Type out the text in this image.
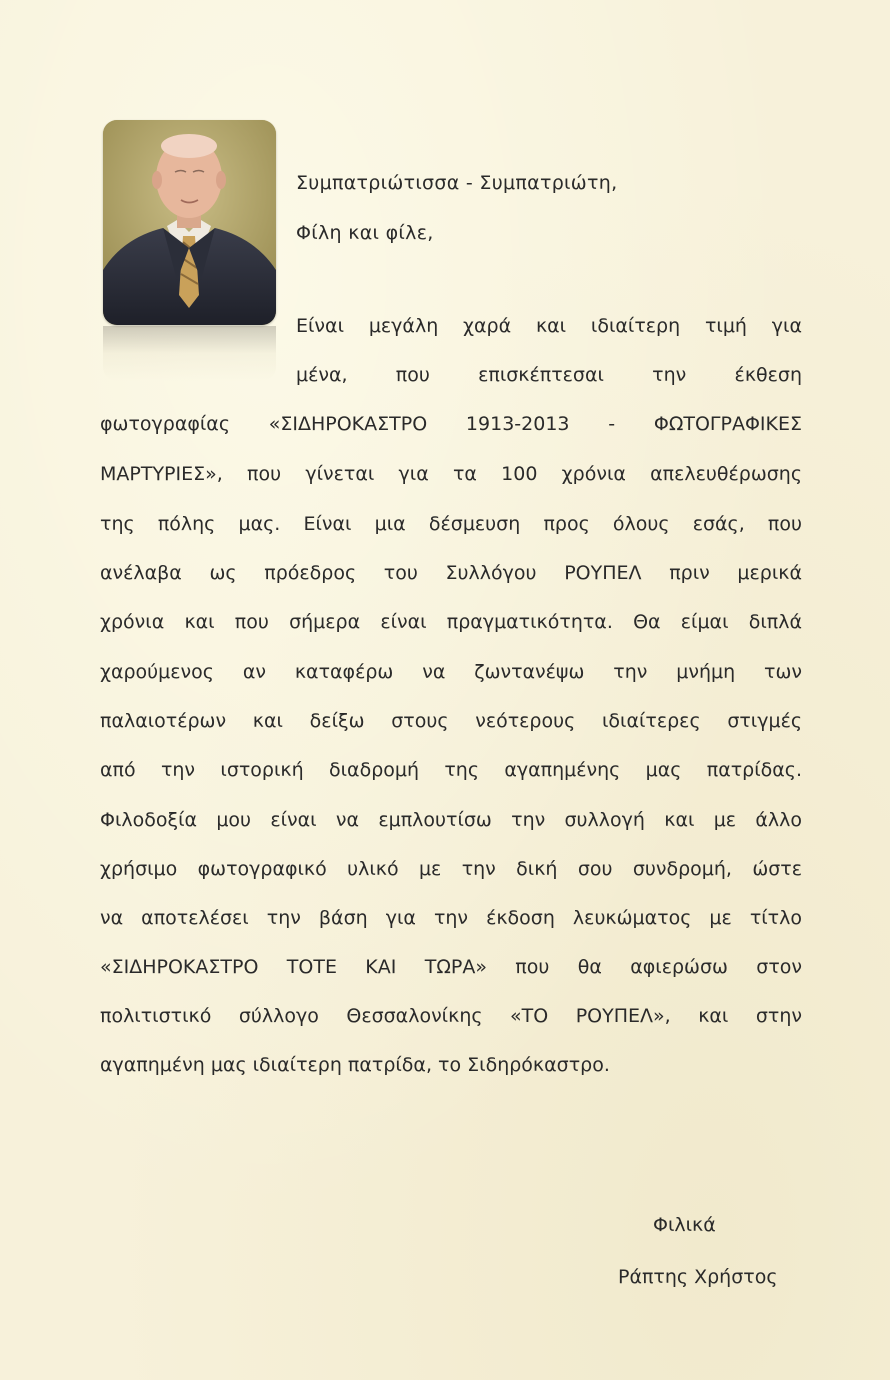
Συμπατριώτισσα - Συμπατριώτη,
Φίλη και φίλε,
Είναι μεγάλη χαρά και ιδιαίτερη τιμή για
μένα, που επισκέπτεσαι την έκθεση
φωτογραφίας «ΣΙΔΗΡΟΚΑΣΤΡΟ 1913-2013 - ΦΩΤΟΓΡΑΦΙΚΕΣ
ΜΑΡΤΥΡΙΕΣ», που γίνεται για τα 100 χρόνια απελευθέρωσης
της πόλης μας. Είναι μια δέσμευση προς όλους εσάς, που
ανέλαβα ως πρόεδρος του Συλλόγου ΡΟΥΠΕΛ πριν μερικά
χρόνια και που σήμερα είναι πραγματικότητα. Θα είμαι διπλά
χαρούμενος αν καταφέρω να ζωντανέψω την μνήμη των
παλαιοτέρων και δείξω στους νεότερους ιδιαίτερες στιγμές
από την ιστορική διαδρομή της αγαπημένης μας πατρίδας.
Φιλοδοξία μου είναι να εμπλουτίσω την συλλογή και με άλλο
χρήσιμο φωτογραφικό υλικό με την δική σου συνδρομή, ώστε
να αποτελέσει την βάση για την έκδοση λευκώματος με τίτλο
«ΣΙΔΗΡΟΚΑΣΤΡΟ ΤΟΤΕ ΚΑΙ ΤΩΡΑ» που θα αφιερώσω στον
πολιτιστικό σύλλογο Θεσσαλονίκης «ΤΟ ΡΟΥΠΕΛ», και στην
αγαπημένη μας ιδιαίτερη πατρίδα, το Σιδηρόκαστρο.
Φιλικά
Ράπτης Χρήστος
